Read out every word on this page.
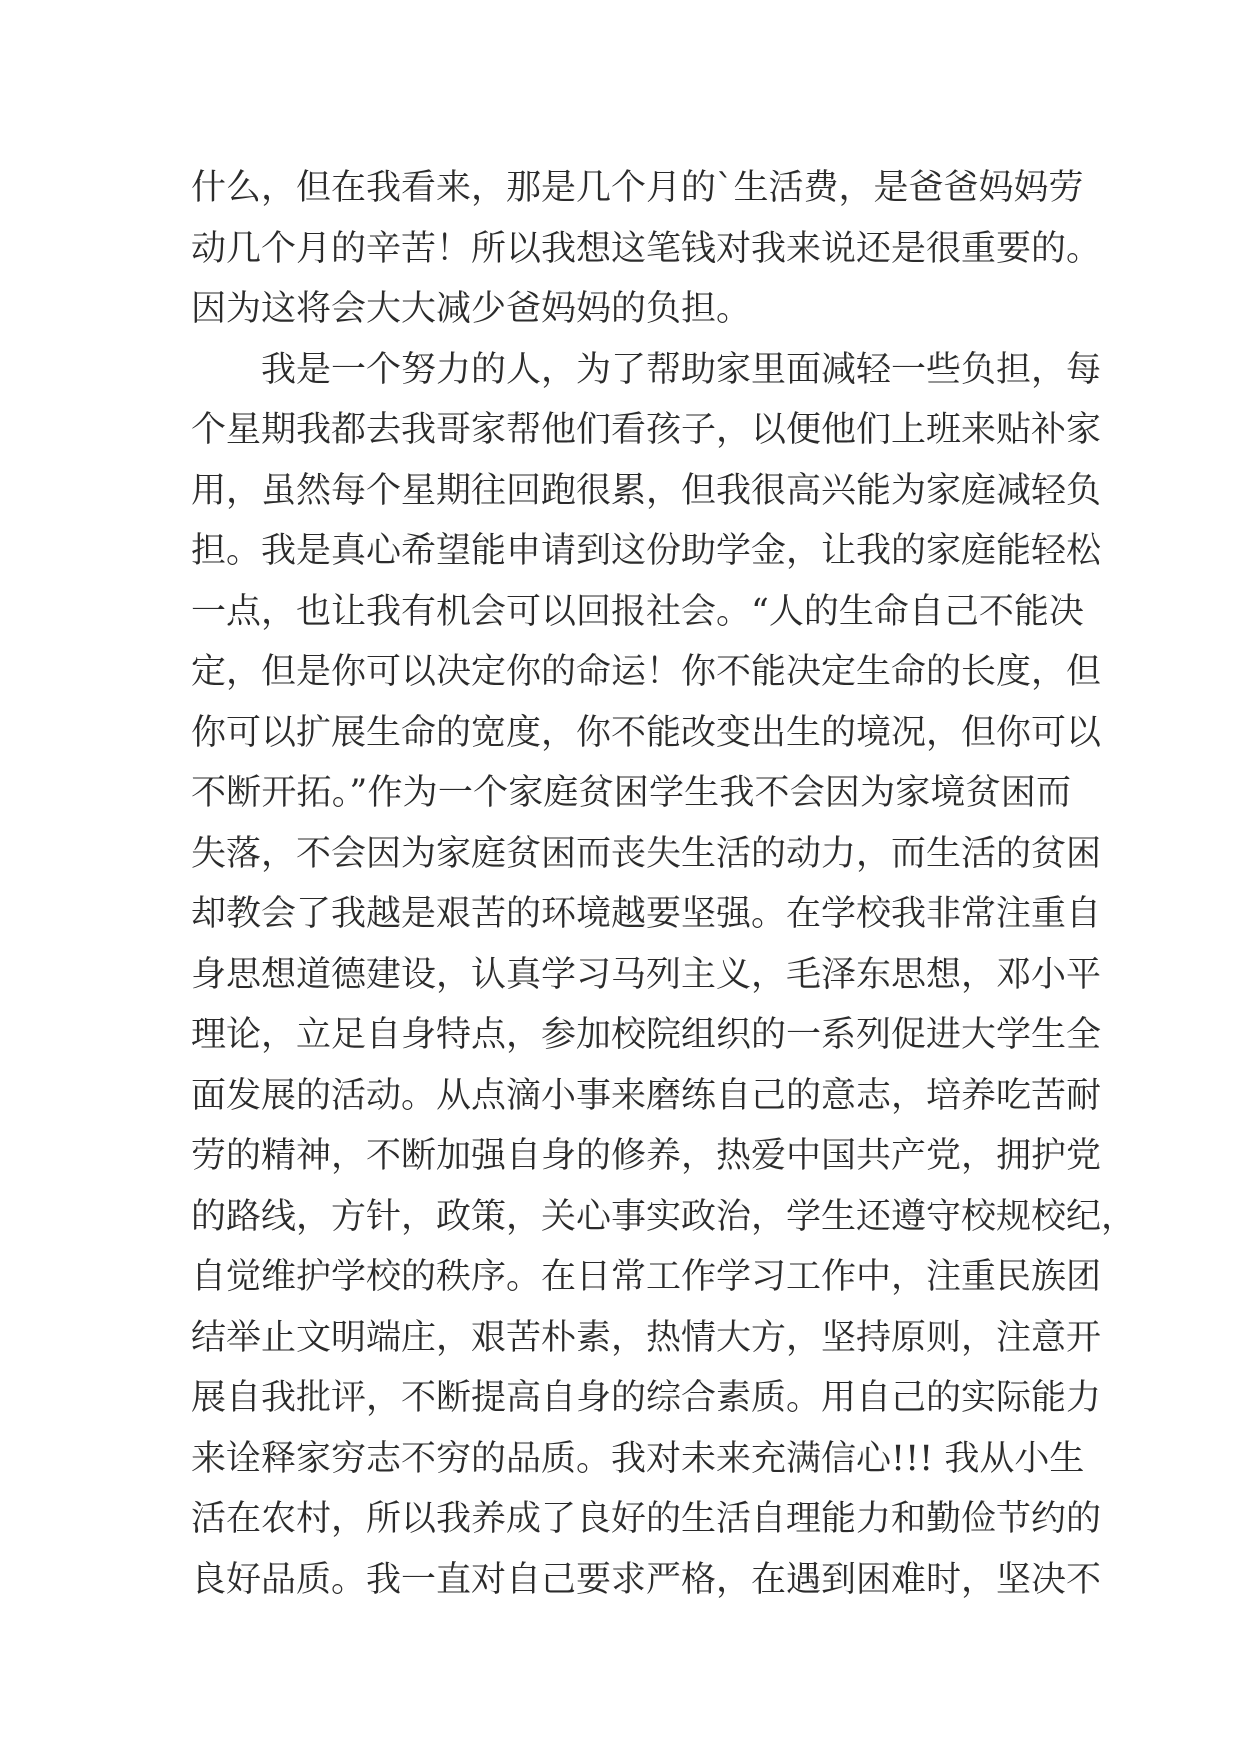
什么，但在我看来，那是几个月的`生活费，是爸爸妈妈劳
动几个月的辛苦！所以我想这笔钱对我来说还是很重要的。
因为这将会大大减少爸妈妈的负担。
我是一个努力的人，为了帮助家里面减轻一些负担，每
个星期我都去我哥家帮他们看孩子，以便他们上班来贴补家
用，虽然每个星期往回跑很累，但我很高兴能为家庭减轻负
担。我是真心希望能申请到这份助学金，让我的家庭能轻松
一点，也让我有机会可以回报社会。“人的生命自己不能决
定，但是你可以决定你的命运！你不能决定生命的长度，但
你可以扩展生命的宽度，你不能改变出生的境况，但你可以
不断开拓。”作为一个家庭贫困学生我不会因为家境贫困而
失落，不会因为家庭贫困而丧失生活的动力，而生活的贫困
却教会了我越是艰苦的环境越要坚强。在学校我非常注重自
身思想道德建设，认真学习马列主义，毛泽东思想，邓小平
理论，立足自身特点，参加校院组织的一系列促进大学生全
面发展的活动。从点滴小事来磨练自己的意志，培养吃苦耐
劳的精神，不断加强自身的修养，热爱中国共产党，拥护党
的路线，方针，政策，关心事实政治，学生还遵守校规校纪，
自觉维护学校的秩序。在日常工作学习工作中，注重民族团
结举止文明端庄，艰苦朴素，热情大方，坚持原则，注意开
展自我批评，不断提高自身的综合素质。用自己的实际能力
来诠释家穷志不穷的品质。我对未来充满信心!!! 我从小生
活在农村，所以我养成了良好的生活自理能力和勤俭节约的
良好品质。我一直对自己要求严格，在遇到困难时，坚决不
